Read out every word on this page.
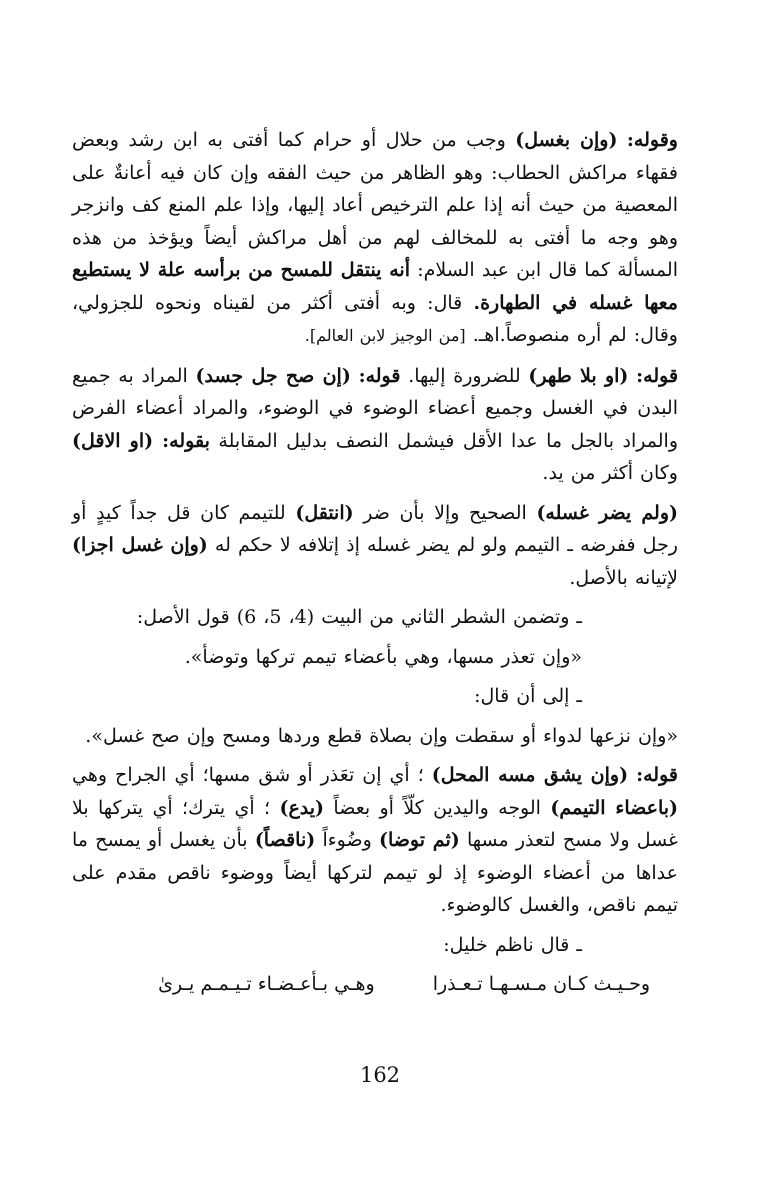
وقوله: (وإن بغسل) وجب من حلال أو حرام كما أفتى به ابن رشد وبعض فقهاء مراكش الحطاب: وهو الظاهر من حيث الفقه وإن كان فيه أعانةٌ على المعصية من حيث أنه إذا علم الترخيص أعاد إليها، وإذا علم المنع كف وانزجر وهو وجه ما أفتى به للمخالف لهم من أهل مراكش أيضاً ويؤخذ من هذه المسألة كما قال ابن عبد السلام: أنه ينتقل للمسح من برأسه علة لا يستطيع معها غسله في الطهارة. قال: وبه أفتى أكثر من لقيناه ونحوه للجزولي، وقال: لم أره منصوصاً.اهـ. [من الوجيز لابن العالم].

قوله: (او بلا طهر) للضرورة إليها. قوله: (إن صح جل جسد) المراد به جميع البدن في الغسل وجميع أعضاء الوضوء في الوضوء، والمراد أعضاء الفرض والمراد بالجل ما عدا الأقل فيشمل النصف بدليل المقابلة بقوله: (او الاقل) وكان أكثر من يد.

(ولم يضر غسله) الصحيح وإلا بأن ضر (انتقل) للتيمم كان قل جداً كيدٍ أو رجل ففرضه ـ التيمم ولو لم يضر غسله إذ إتلافه لا حكم له (وإن غسل اجزا) لإتيانه بالأصل.

ـ وتضمن الشطر الثاني من البيت (4، 5، 6) قول الأصل:

«وإن تعذر مسها، وهي بأعضاء تيمم تركها وتوضأ».

ـ إلى أن قال:

«وإن نزعها لدواء أو سقطت وإن بصلاة قطع وردها ومسح وإن صح غسل».

قوله: (وإن يشق مسه المحل) ؛ أي إن تعَذر أو شق مسها؛ أي الجراح وهي (باعضاء التيمم) الوجه واليدين كلّاً أو بعضاً (يدع) ؛ أي يترك؛ أي يتركها بلا غسل ولا مسح لتعذر مسها (ثم توضا) وضُوءاً (ناقصاً) بأن يغسل أو يمسح ما عداها من أعضاء الوضوء إذ لو تيمم لتركها أيضاً ووضوء ناقص مقدم على تيمم ناقص، والغسل كالوضوء.

ـ قال ناظم خليل:

وحـيـث كـان مـسـهـا تـعـذرا
وهـي بـأعـضـاء تـيـمـم يـرىٰ
162
